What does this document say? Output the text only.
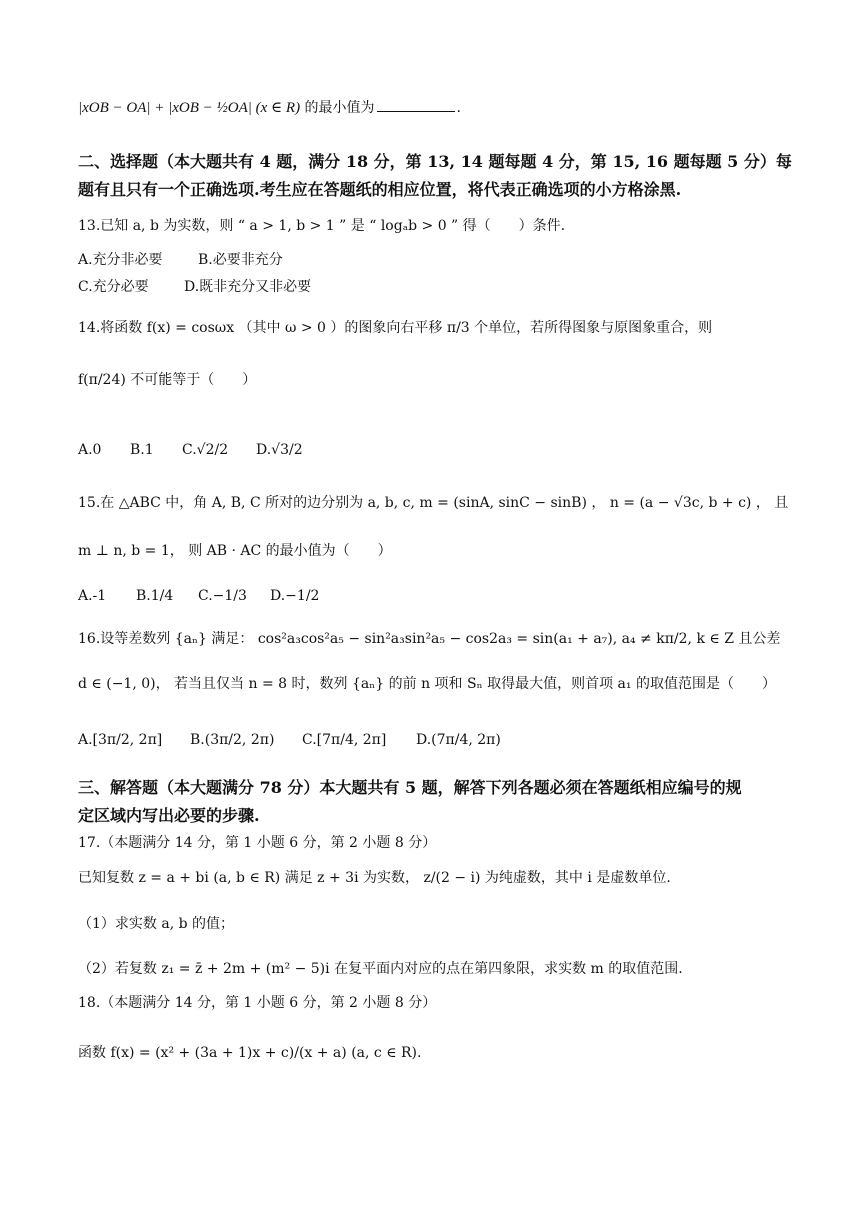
|xOB − OA| + |xOB − ½OA| (x ∈ R) 的最小值为	.
二、选择题（本大题共有 4 题，满分 18 分，第 13, 14 题每题 4 分，第 15, 16 题每题 5 分）每
题有且只有一个正确选项.考生应在答题纸的相应位置，将代表正确选项的小方格涂黑.
13.已知 a, b 为实数，则 “ a > 1, b > 1 ” 是 “ logₐb > 0 ” 得（　　）条件.
A.充分非必要	B.必要非充分
C.充分必要	D.既非充分又非必要
14.将函数 f(x) = cosωx （其中 ω > 0 ）的图象向右平移 π/3 个单位，若所得图象与原图象重合，则
f(π/24) 不可能等于（　　）
A.0 B.1 C.√2/2 D.√3/2
15.在 △ABC 中，角 A, B, C 所对的边分别为 a, b, c, m = (sinA, sinC − sinB) ， n = (a − √3c, b + c) ， 且
m ⊥ n, b = 1， 则 AB · AC 的最小值为（　　）
A.-1 B.1/4 C.−1/3 D.−1/2
16.设等差数列 {aₙ} 满足： cos²a₃cos²a₅ − sin²a₃sin²a₅ − cos2a₃ = sin(a₁ + a₇), a₄ ≠ kπ/2, k ∈ Z 且公差
d ∈ (−1, 0)， 若当且仅当 n = 8 时，数列 {aₙ} 的前 n 项和 Sₙ 取得最大值，则首项 a₁ 的取值范围是（　　）
A.[3π/2, 2π] B.(3π/2, 2π) C.[7π/4, 2π] D.(7π/4, 2π)
三、解答题（本大题满分 78 分）本大题共有 5 题，解答下列各题必须在答题纸相应编号的规
定区域内写出必要的步骤.
17.（本题满分 14 分，第 1 小题 6 分，第 2 小题 8 分）
已知复数 z = a + bi (a, b ∈ R) 满足 z + 3i 为实数， z/(2 − i) 为纯虚数，其中 i 是虚数单位.
（1）求实数 a, b 的值；
（2）若复数 z₁ = z̄ + 2m + (m² − 5)i 在复平面内对应的点在第四象限，求实数 m 的取值范围.
18.（本题满分 14 分，第 1 小题 6 分，第 2 小题 8 分）
函数 f(x) = (x² + (3a + 1)x + c)/(x + a) (a, c ∈ R).
